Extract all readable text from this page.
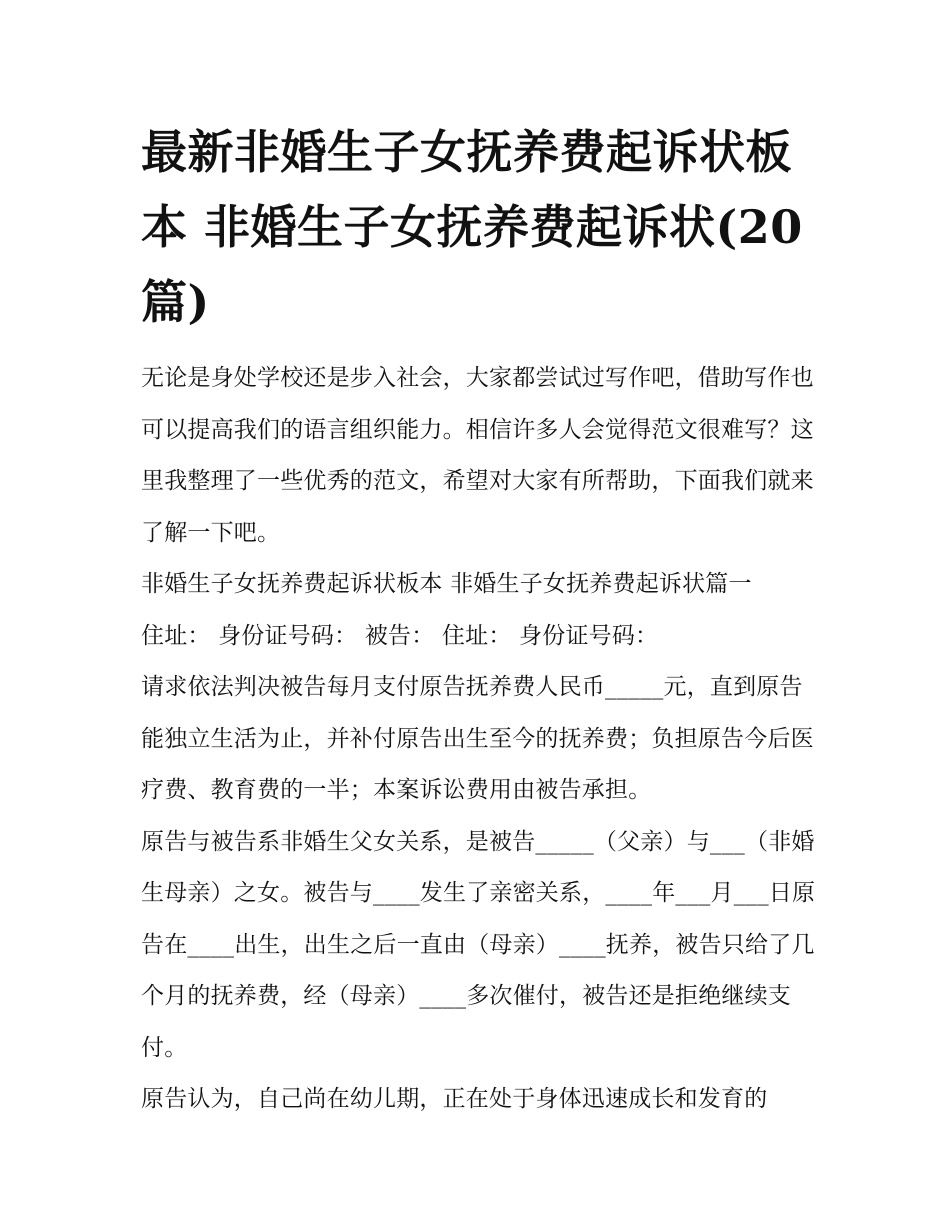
最新非婚生子女抚养费起诉状板本 非婚生子女抚养费起诉状(20篇)

无论是身处学校还是步入社会，大家都尝试过写作吧，借助写作也可以提高我们的语言组织能力。相信许多人会觉得范文很难写？这里我整理了一些优秀的范文，希望对大家有所帮助，下面我们就来了解一下吧。

非婚生子女抚养费起诉状板本 非婚生子女抚养费起诉状篇一

住址： 身份证号码： 被告： 住址： 身份证号码：

请求依法判决被告每月支付原告抚养费人民币_____元，直到原告能独立生活为止，并补付原告出生至今的抚养费；负担原告今后医疗费、教育费的一半；本案诉讼费用由被告承担。

原告与被告系非婚生父女关系，是被告_____（父亲）与___（非婚生母亲）之女。被告与____发生了亲密关系，____年___月___日原告在____出生，出生之后一直由（母亲）____抚养，被告只给了几个月的抚养费，经（母亲）____多次催付，被告还是拒绝继续支付。

原告认为，自己尚在幼儿期，正在处于身体迅速成长和发育的
